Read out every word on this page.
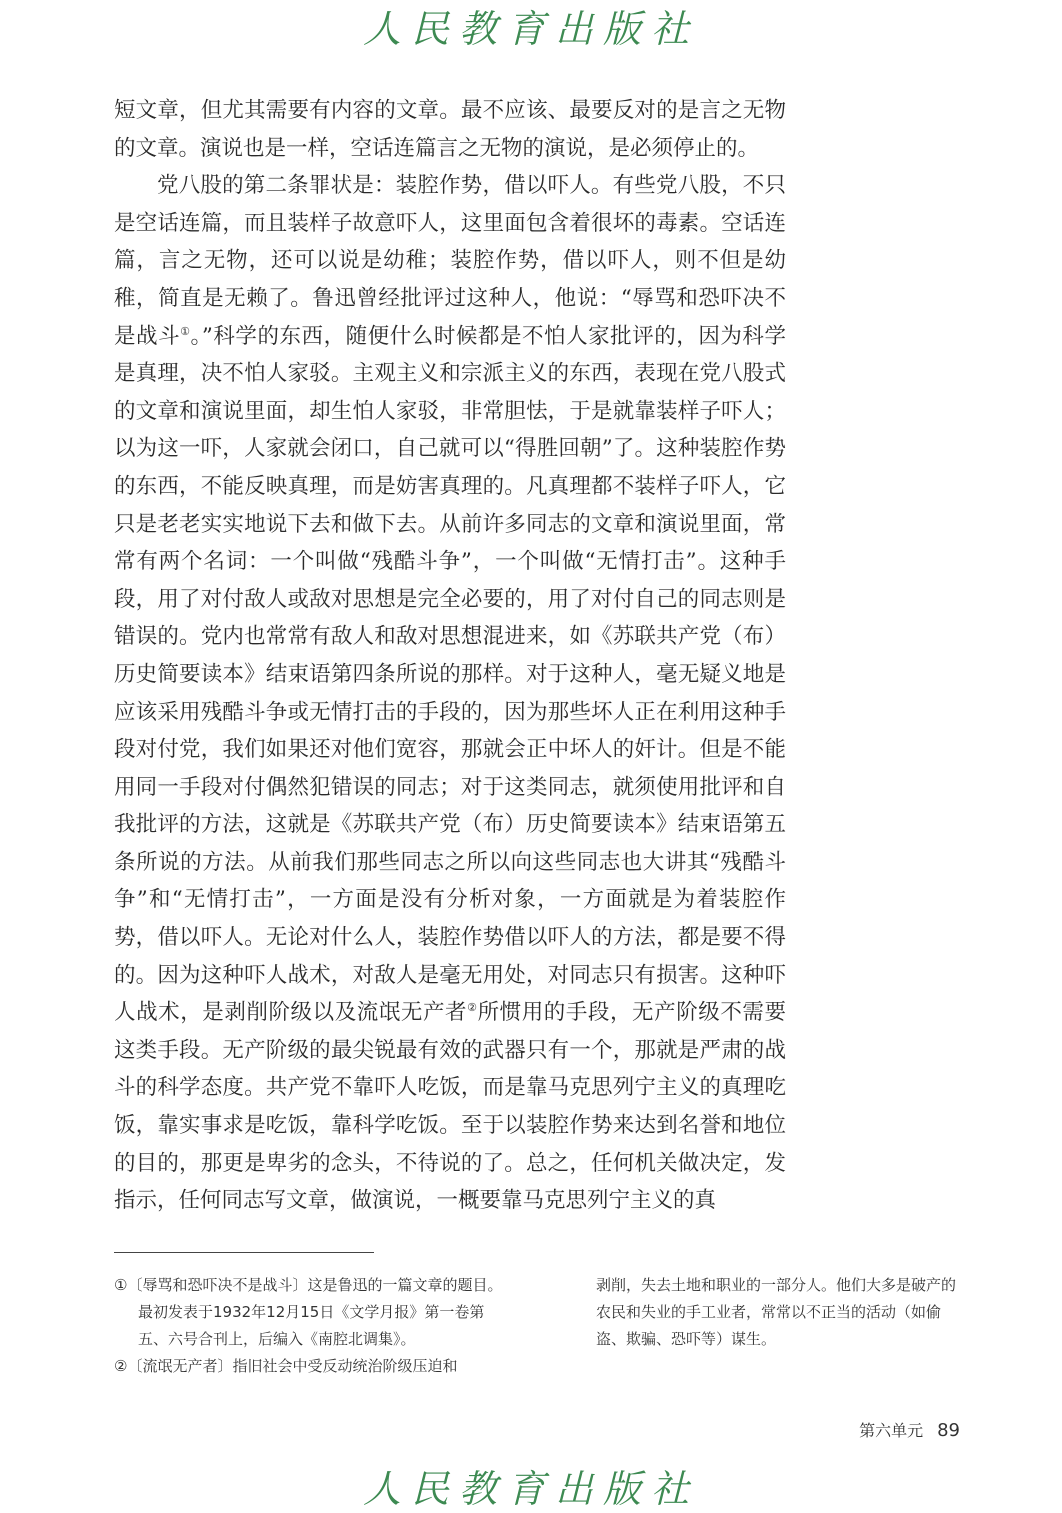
人民教育出版社

短文章，但尤其需要有内容的文章。最不应该、最要反对的是言之无物的文章。演说也是一样，空话连篇言之无物的演说，是必须停止的。

党八股的第二条罪状是：装腔作势，借以吓人。有些党八股，不只是空话连篇，而且装样子故意吓人，这里面包含着很坏的毒素。空话连篇，言之无物，还可以说是幼稚；装腔作势，借以吓人，则不但是幼稚，简直是无赖了。鲁迅曾经批评过这种人，他说：“辱骂和恐吓决不是战斗①。”科学的东西，随便什么时候都是不怕人家批评的，因为科学是真理，决不怕人家驳。主观主义和宗派主义的东西，表现在党八股式的文章和演说里面，却生怕人家驳，非常胆怯，于是就靠装样子吓人；以为这一吓，人家就会闭口，自己就可以“得胜回朝”了。这种装腔作势的东西，不能反映真理，而是妨害真理的。凡真理都不装样子吓人，它只是老老实实地说下去和做下去。从前许多同志的文章和演说里面，常常有两个名词：一个叫做“残酷斗争”，一个叫做“无情打击”。这种手段，用了对付敌人或敌对思想是完全必要的，用了对付自己的同志则是错误的。党内也常常有敌人和敌对思想混进来，如《苏联共产党（布）历史简要读本》结束语第四条所说的那样。对于这种人，毫无疑义地是应该采用残酷斗争或无情打击的手段的，因为那些坏人正在利用这种手段对付党，我们如果还对他们宽容，那就会正中坏人的奸计。但是不能用同一手段对付偶然犯错误的同志；对于这类同志，就须使用批评和自我批评的方法，这就是《苏联共产党（布）历史简要读本》结束语第五条所说的方法。从前我们那些同志之所以向这些同志也大讲其“残酷斗争”和“无情打击”，一方面是没有分析对象，一方面就是为着装腔作势，借以吓人。无论对什么人，装腔作势借以吓人的方法，都是要不得的。因为这种吓人战术，对敌人是毫无用处，对同志只有损害。这种吓人战术，是剥削阶级以及流氓无产者②所惯用的手段，无产阶级不需要这类手段。无产阶级的最尖锐最有效的武器只有一个，那就是严肃的战斗的科学态度。共产党不靠吓人吃饭，而是靠马克思列宁主义的真理吃饭，靠实事求是吃饭，靠科学吃饭。至于以装腔作势来达到名誉和地位的目的，那更是卑劣的念头，不待说的了。总之，任何机关做决定，发指示，任何同志写文章，做演说，一概要靠马克思列宁主义的真

①〔辱骂和恐吓决不是战斗〕这是鲁迅的一篇文章的题目。最初发表于1932年12月15日《文学月报》第一卷第五、六号合刊上，后编入《南腔北调集》。

②〔流氓无产者〕指旧社会中受反动统治阶级压迫和

剥削，失去土地和职业的一部分人。他们大多是破产的农民和失业的手工业者，常常以不正当的活动（如偷盗、欺骗、恐吓等）谋生。

第六单元 89
人民教育出版社
